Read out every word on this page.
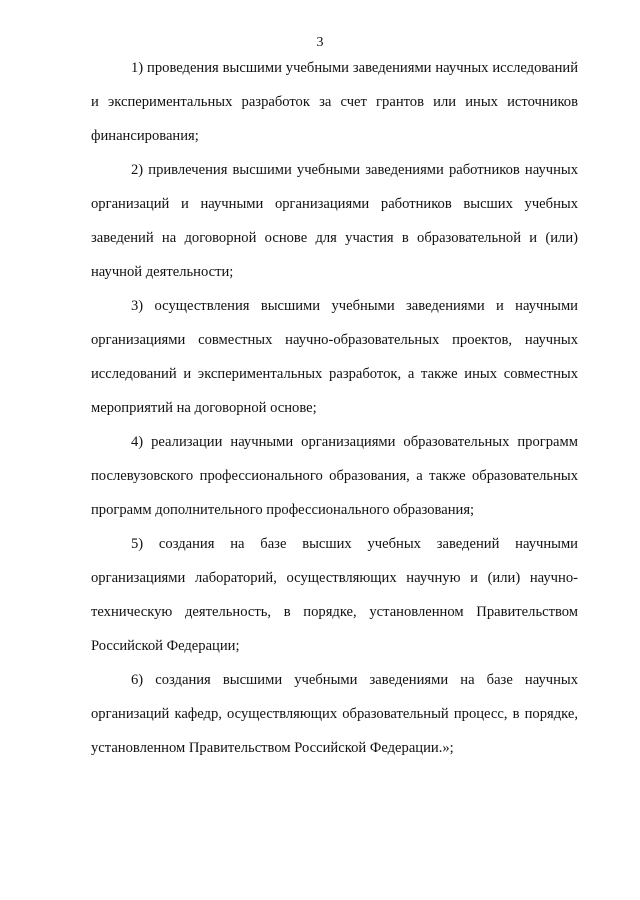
3

1) проведения высшими учебными заведениями научных исследований и экспериментальных разработок за счет грантов или иных источников финансирования;

2) привлечения высшими учебными заведениями работников научных организаций и научными организациями работников высших учебных заведений на договорной основе для участия в образовательной и (или) научной деятельности;

3) осуществления высшими учебными заведениями и научными организациями совместных научно-образовательных проектов, научных исследований и экспериментальных разработок, а также иных совместных мероприятий на договорной основе;

4) реализации научными организациями образовательных программ послевузовского профессионального образования, а также образовательных программ дополнительного профессионального образования;

5) создания на базе высших учебных заведений научными организациями лабораторий, осуществляющих научную и (или) научно-техническую деятельность, в порядке, установленном Правительством Российской Федерации;

6) создания высшими учебными заведениями на базе научных организаций кафедр, осуществляющих образовательный процесс, в порядке, установленном Правительством Российской Федерации.»;
